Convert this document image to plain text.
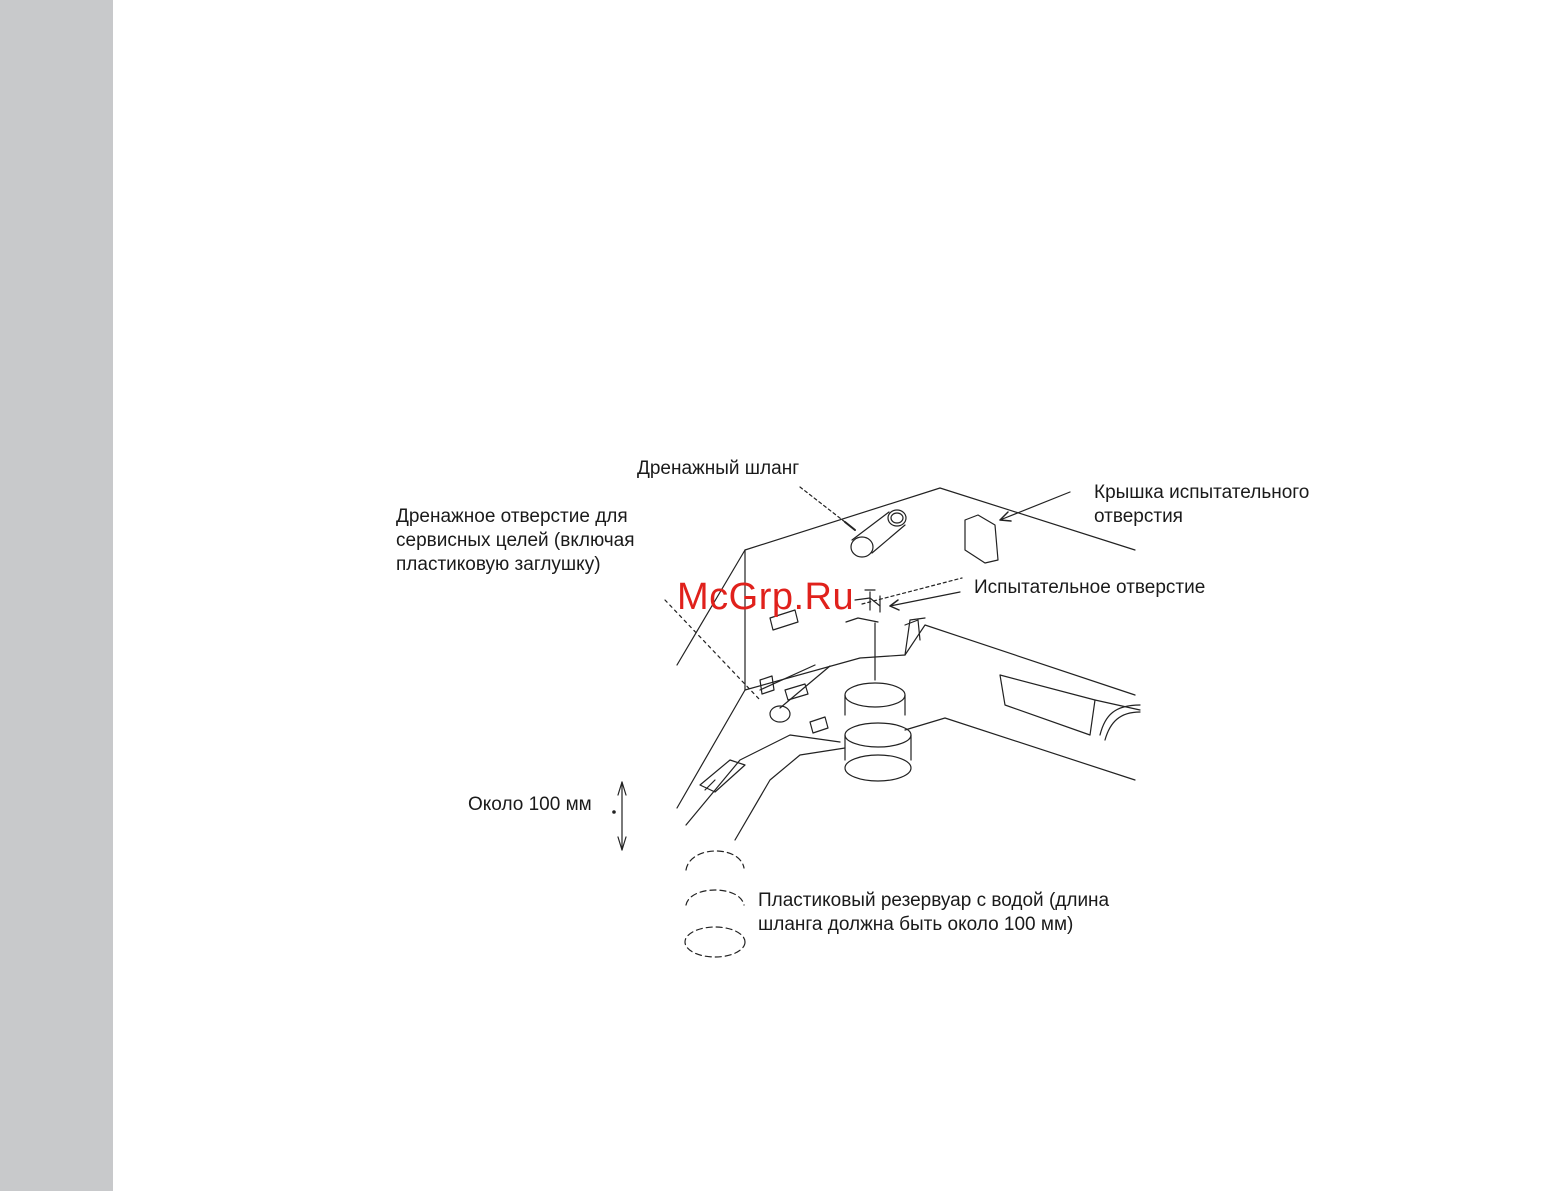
Дренажный шланг
Дренажное отверстие для
сервисных целей (включая
пластиковую заглушку)
Крышка испытательного
отверстия
Испытательное отверстие
Около 100 мм
Пластиковый резервуар с водой (длина
шланга должна быть около 100 мм)
McGrp.Ru
